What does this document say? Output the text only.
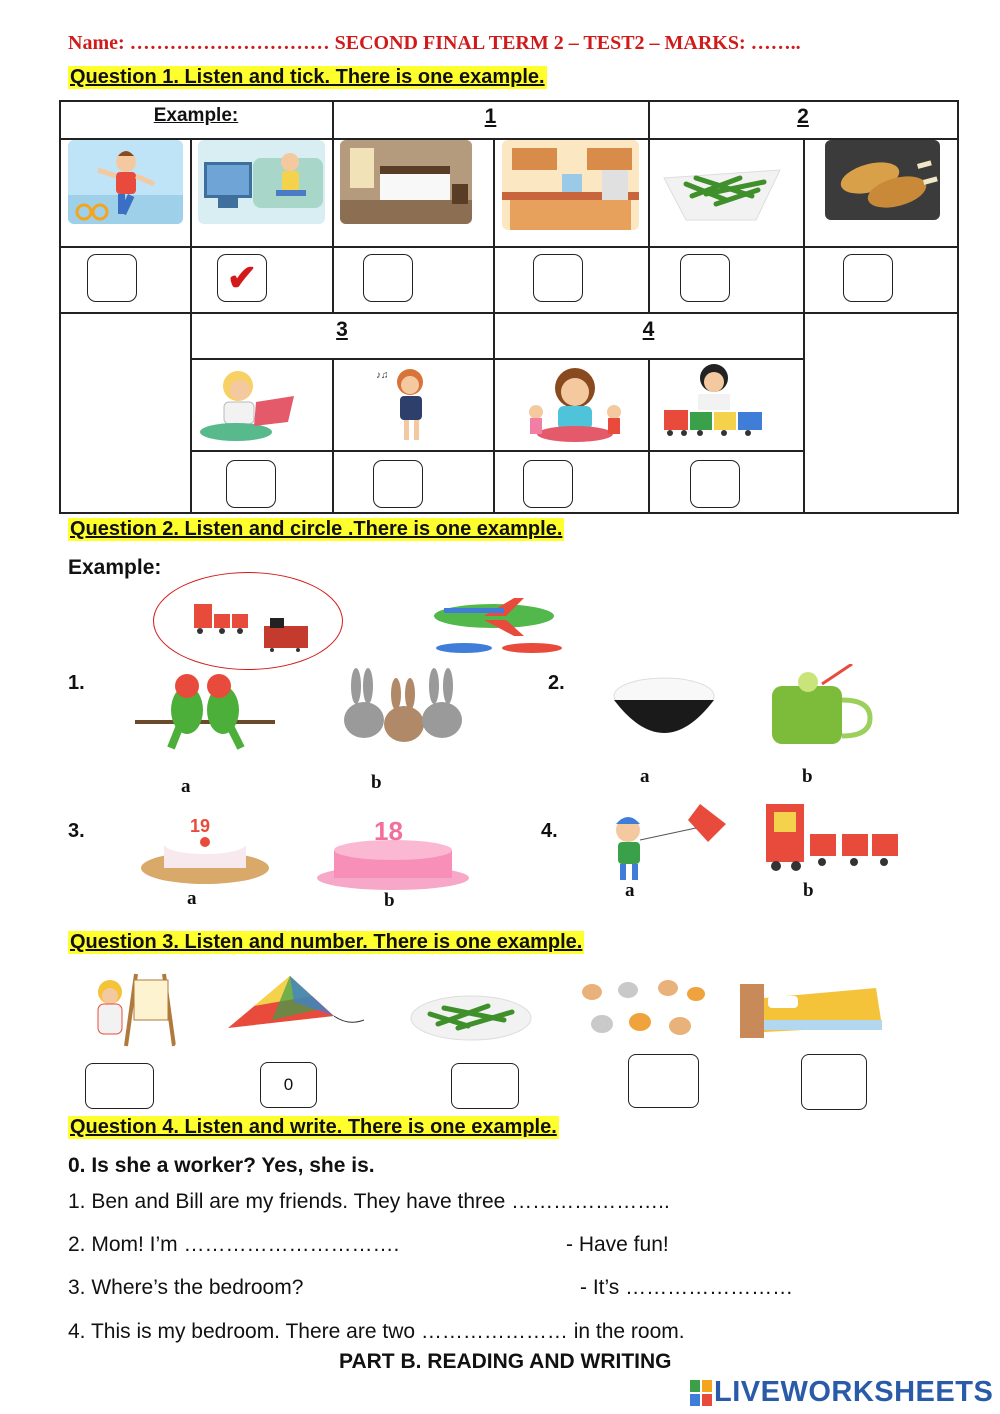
Name: ………………………… SECOND FINAL TERM 2 – TEST2 – MARKS: ……..
Question 1. Listen and tick. There is one example.
Example:	1	2
3	4
✔
♪♫
Question 2. Listen and circle .There is one example.
Example:
1.
a	b
2.
a	b
3.	19	18
a	b
4.
a	b
Question 3. Listen and number. There is one example.
0
Question 4. Listen and write. There is one example.
0. Is she a worker? Yes, she is.
1. Ben and Bill are my friends. They have three …………………..
2. Mom! I’m ………………………….	- Have fun!
3. Where’s the bedroom?	- It’s ……………………
4. This is my bedroom. There are two ………………… in the room.
PART B. READING AND WRITING
LIVEWORKSHEETS
